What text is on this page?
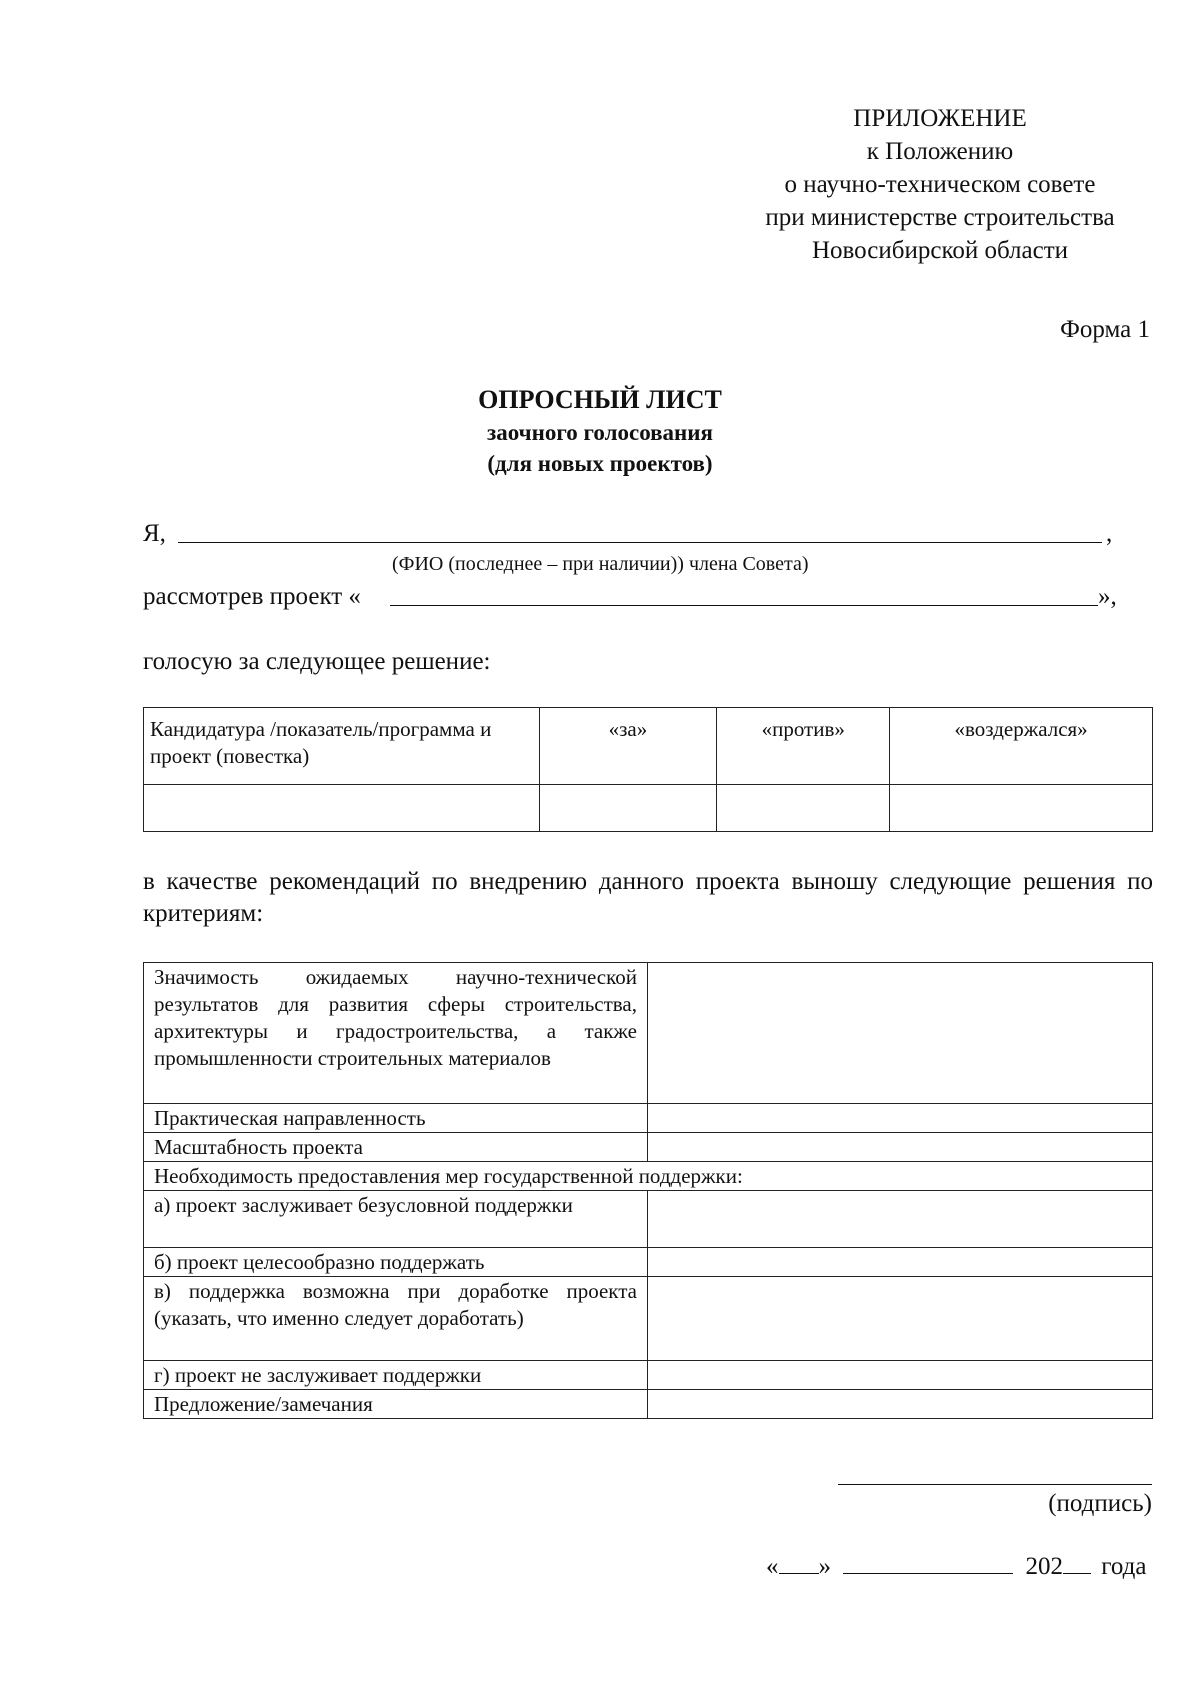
ПРИЛОЖЕНИЕ
к Положению
о научно-техническом совете
при министерстве строительства
Новосибирской области
Форма 1
ОПРОСНЫЙ ЛИСТ
заочного голосования
(для новых проектов)
Я,	,
(ФИО (последнее – при наличии)) члена Совета)
рассмотрев проект «	»,
голосую за следующее решение:
Кандидатура /показатель/программа и проект (повестка)	«за»	«против»	«воздержался»

в качестве рекомендаций по внедрению данного проекта выношу следующие решения по критериям:
Значимость ожидаемых научно-технической результатов для развития сферы строительства, архитектуры и градостроительства, а также промышленности строительных материалов	
Практическая направленность	
Масштабность проекта	
Необходимость предоставления мер государственной поддержки:	
а) проект заслуживает безусловной поддержки	
б) проект целесообразно поддержать	
в) поддержка возможна при доработке проекта (указать, что именно следует доработать)	
г) проект не заслуживает поддержки	
Предложение/замечания	
(подпись)
« »	202 года
